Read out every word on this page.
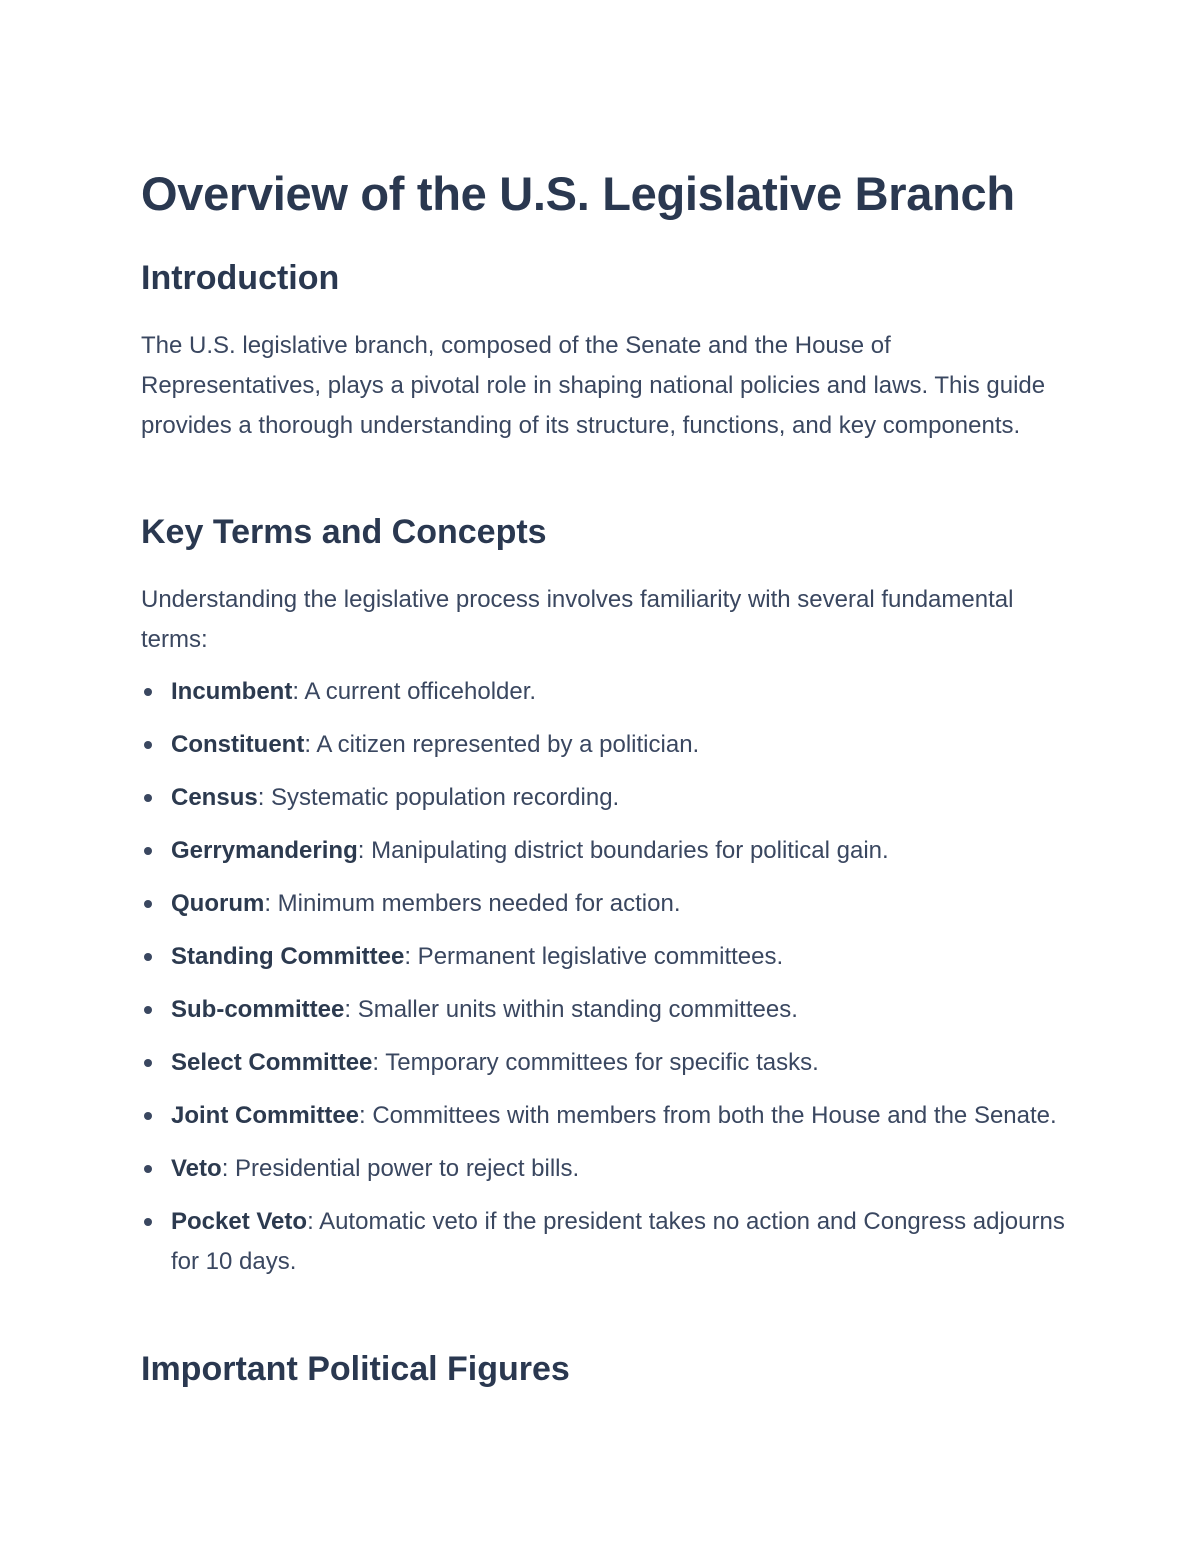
Overview of the U.S. Legislative Branch
Introduction

The U.S. legislative branch, composed of the Senate and the House of Representatives, plays a pivotal role in shaping national policies and laws. This guide provides a thorough understanding of its structure, functions, and key components.

Key Terms and Concepts

Understanding the legislative process involves familiarity with several fundamental terms:

Incumbent: A current officeholder.
Constituent: A citizen represented by a politician.
Census: Systematic population recording.
Gerrymandering: Manipulating district boundaries for political gain.
Quorum: Minimum members needed for action.
Standing Committee: Permanent legislative committees.
Sub-committee: Smaller units within standing committees.
Select Committee: Temporary committees for specific tasks.
Joint Committee: Committees with members from both the House and the Senate.
Veto: Presidential power to reject bills.
Pocket Veto: Automatic veto if the president takes no action and Congress adjourns for 10 days.
Important Political Figures
